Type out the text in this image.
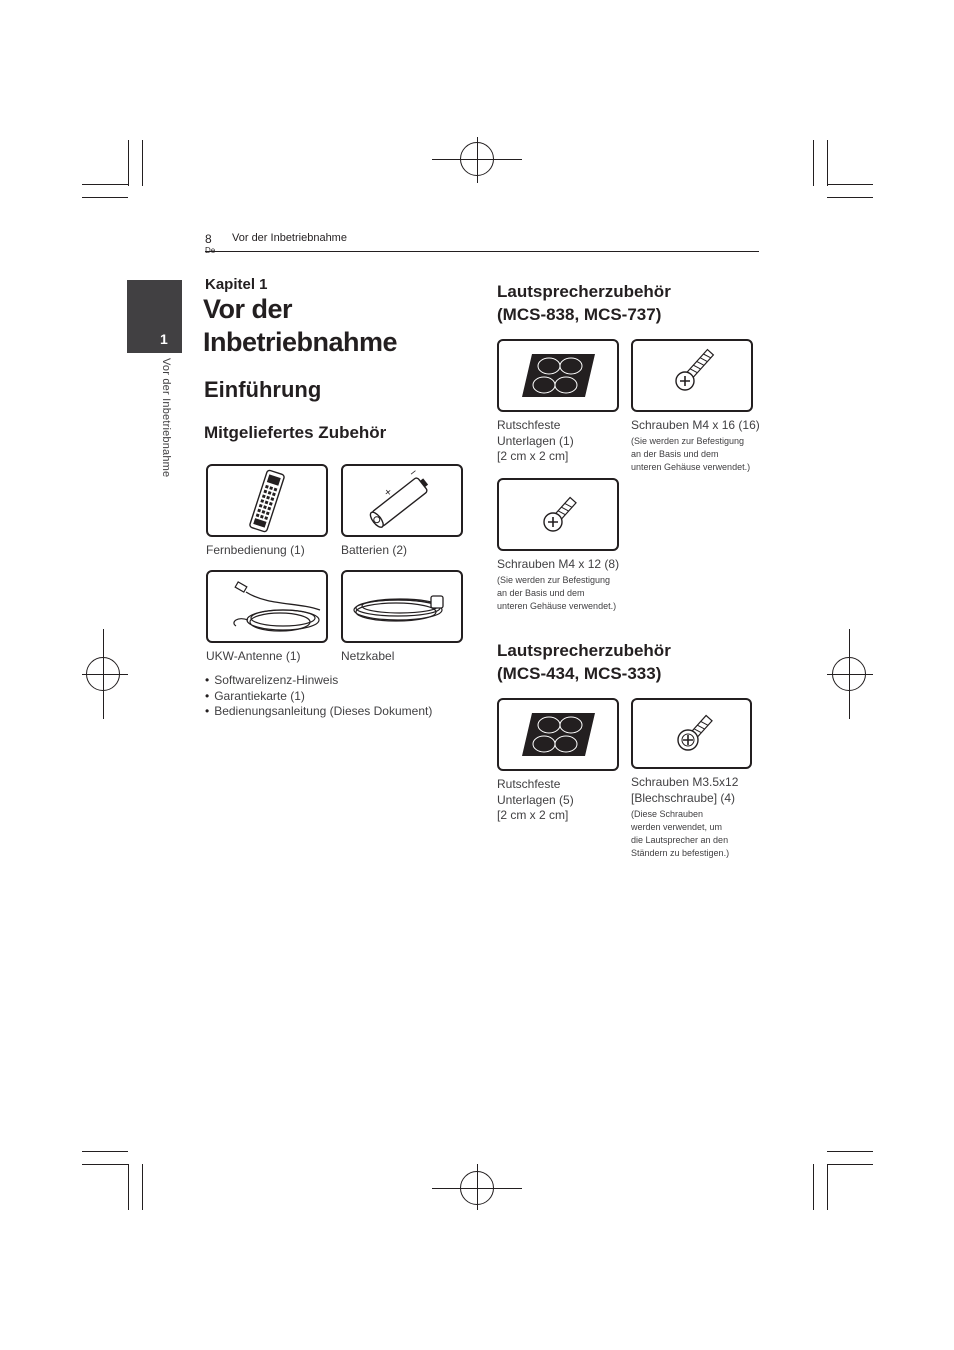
8
De
Vor der Inbetriebnahme
1
Vor der Inbetriebnahme
Kapitel 1
Vor der
Inbetriebnahme
Einführung
Mitgeliefertes Zubehör
Fernbedienung (1)
+
−
Batterien (2)
UKW-Antenne (1)	Netzkabel
• Softwarelizenz-Hinweis
• Garantiekarte (1)
• Bedienungsanleitung (Dieses Dokument)
Lautsprecherzubehör
(MCS-838, MCS-737)
Rutschfeste
Unterlagen (1)
[2 cm x 2 cm]
Schrauben M4 x 16 (16)
(Sie werden zur Befestigung
an der Basis und dem
unteren Gehäuse verwendet.)
Schrauben M4 x 12 (8)
(Sie werden zur Befestigung
an der Basis und dem
unteren Gehäuse verwendet.)
Lautsprecherzubehör
(MCS-434, MCS-333)
Rutschfeste
Unterlagen (5)
[2 cm x 2 cm]
Schrauben M3.5x12
[Blechschraube] (4)
(Diese Schrauben
werden verwendet, um
die Lautsprecher an den
Ständern zu befestigen.)
